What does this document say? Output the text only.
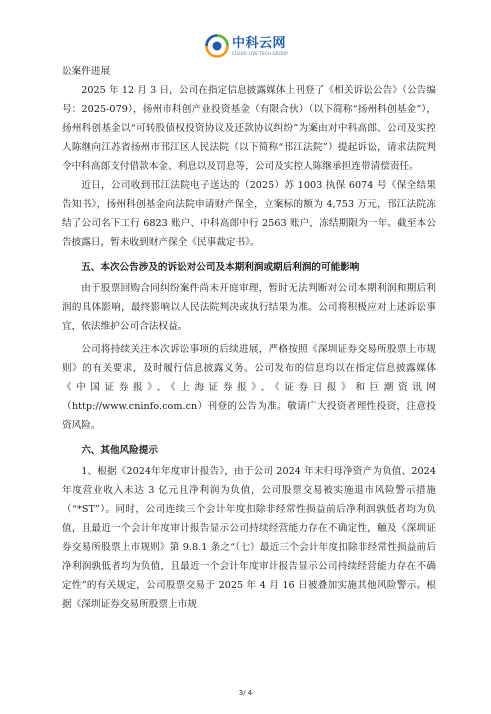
中科云网
CLOUD LIVE TECH GROUP

讼案件进展

2025 年 12 月 3 日，公司在指定信息披露媒体上刊登了《相关诉讼公告》（公告编号：2025-079），扬州市科创产业投资基金（有限合伙）（以下简称“扬州科创基金”），扬州科创基金以“可转股债权投资协议及还款协议纠纷”为案由对中科高郎、公司及实控人陈继向江苏省扬州市邗江区人民法院（以下简称“邗江法院”）提起诉讼，请求法院判令中科高郎支付借款本金、利息以及罚息等，公司及实控人陈继承担连带清偿责任。

近日，公司收到邗江法院电子送达的（2025）苏 1003 执保 6074 号《保全结果告知书》，扬州科创基金向法院申请财产保全，立案标的额为 4,753 万元，邗江法院冻结了公司名下工行 6823 账户、中科高郎中行 2563 账户，冻结期限为一年。截至本公告披露日，暂未收到财产保全《民事裁定书》。

五、本次公告涉及的诉讼对公司及本期利润或期后利润的可能影响

由于股票回购合同纠纷案件尚未开庭审理，暂时无法判断对公司本期利润和期后利润的具体影响，最终影响以人民法院判决或执行结果为准。公司将积极应对上述诉讼事宜，依法维护公司合法权益。

公司将持续关注本次诉讼事项的后续进展，严格按照《深圳证券交易所股票上市规则》的有关要求，及时履行信息披露义务。公司发布的信息均以在指定信息披露媒体《中国证券报》、《上海证券报》、《证券日报》和巨潮资讯网（http://www.cninfo.com.cn）刊登的公告为准。敬请广大投资者理性投资，注意投资风险。

六、其他风险提示

1、根据《2024年年度审计报告》，由于公司 2024 年末归母净资产为负值、2024 年度营业收入未达 3 亿元且净利润为负值，公司股票交易被实施退市风险警示措施（“*ST”）。同时，公司连续三个会计年度扣除非经常性损益前后净利润孰低者均为负值，且最近一个会计年度审计报告显示公司持续经营能力存在不确定性，触及《深圳证券交易所股票上市规则》第 9.8.1 条之“（七）最近三个会计年度扣除非经常性损益前后净利润孰低者均为负值，且最近一个会计年度审计报告显示公司持续经营能力存在不确定性”的有关规定，公司股票交易于 2025 年 4 月 16 日被叠加实施其他风险警示。根据《深圳证券交易所股票上市规

3/ 4
